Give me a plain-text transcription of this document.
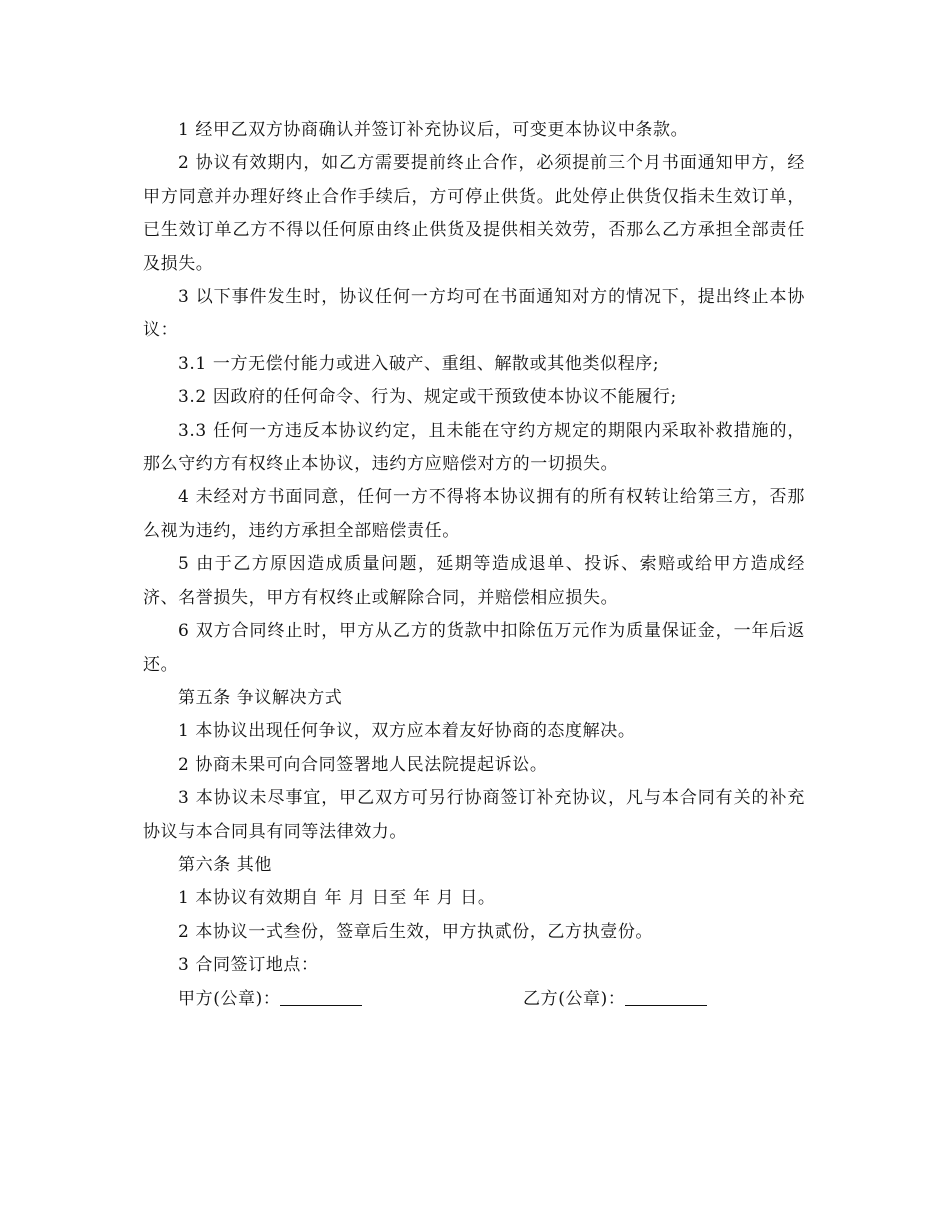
1 经甲乙双方协商确认并签订补充协议后，可变更本协议中条款。

2 协议有效期内，如乙方需要提前终止合作，必须提前三个月书面通知甲方，经甲方同意并办理好终止合作手续后，方可停止供货。此处停止供货仅指未生效订单，已生效订单乙方不得以任何原由终止供货及提供相关效劳，否那么乙方承担全部责任及损失。

3 以下事件发生时，协议任何一方均可在书面通知对方的情况下，提出终止本协议：

3.1 一方无偿付能力或进入破产、重组、解散或其他类似程序;

3.2 因政府的任何命令、行为、规定或干预致使本协议不能履行;

3.3 任何一方违反本协议约定，且未能在守约方规定的期限内采取补救措施的，那么守约方有权终止本协议，违约方应赔偿对方的一切损失。

4 未经对方书面同意，任何一方不得将本协议拥有的所有权转让给第三方，否那么视为违约，违约方承担全部赔偿责任。

5 由于乙方原因造成质量问题，延期等造成退单、投诉、索赔或给甲方造成经济、名誉损失，甲方有权终止或解除合同，并赔偿相应损失。

6 双方合同终止时，甲方从乙方的货款中扣除伍万元作为质量保证金，一年后返还。

第五条 争议解决方式

1 本协议出现任何争议，双方应本着友好协商的态度解决。

2 协商未果可向合同签署地人民法院提起诉讼。

3 本协议未尽事宜，甲乙双方可另行协商签订补充协议，凡与本合同有关的补充协议与本合同具有同等法律效力。

第六条 其他

1 本协议有效期自 年 月 日至 年 月 日。

2 本协议一式叁份，签章后生效，甲方执贰份，乙方执壹份。

3 合同签订地点：

甲方(公章)：	乙方(公章)：
